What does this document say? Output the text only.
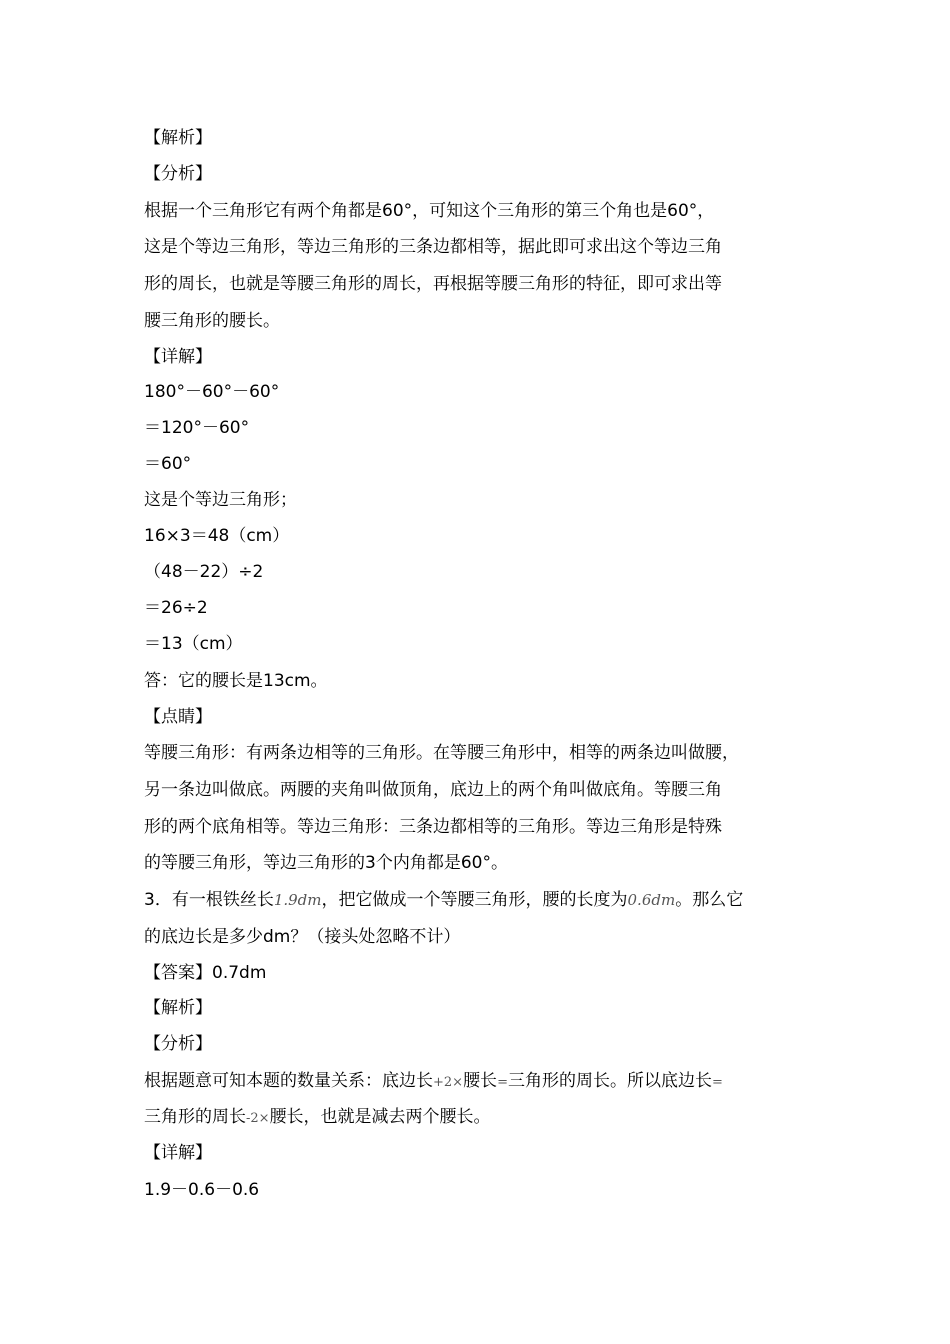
【解析】
【分析】
根据一个三角形它有两个角都是60°，可知这个三角形的第三个角也是60°，
这是个等边三角形，等边三角形的三条边都相等，据此即可求出这个等边三角
形的周长，也就是等腰三角形的周长，再根据等腰三角形的特征，即可求出等
腰三角形的腰长。
【详解】
180°－60°－60°
＝120°－60°
＝60°
这是个等边三角形；
16×3＝48（cm）
（48－22）÷2
＝26÷2
＝13（cm）
答：它的腰长是13cm。
【点睛】
等腰三角形：有两条边相等的三角形。在等腰三角形中，相等的两条边叫做腰，
另一条边叫做底。两腰的夹角叫做顶角，底边上的两个角叫做底角。等腰三角
形的两个底角相等。等边三角形：三条边都相等的三角形。等边三角形是特殊
的等腰三角形，等边三角形的3个内角都是60°。
3．有一根铁丝长1.9dm，把它做成一个等腰三角形，腰的长度为0.6dm。那么它
的底边长是多少dm？（接头处忽略不计）
【答案】0.7dm
【解析】
【分析】
根据题意可知本题的数量关系：底边长+2×腰长=三角形的周长。所以底边长=
三角形的周长-2×腰长，也就是减去两个腰长。
【详解】
1.9－0.6－0.6
